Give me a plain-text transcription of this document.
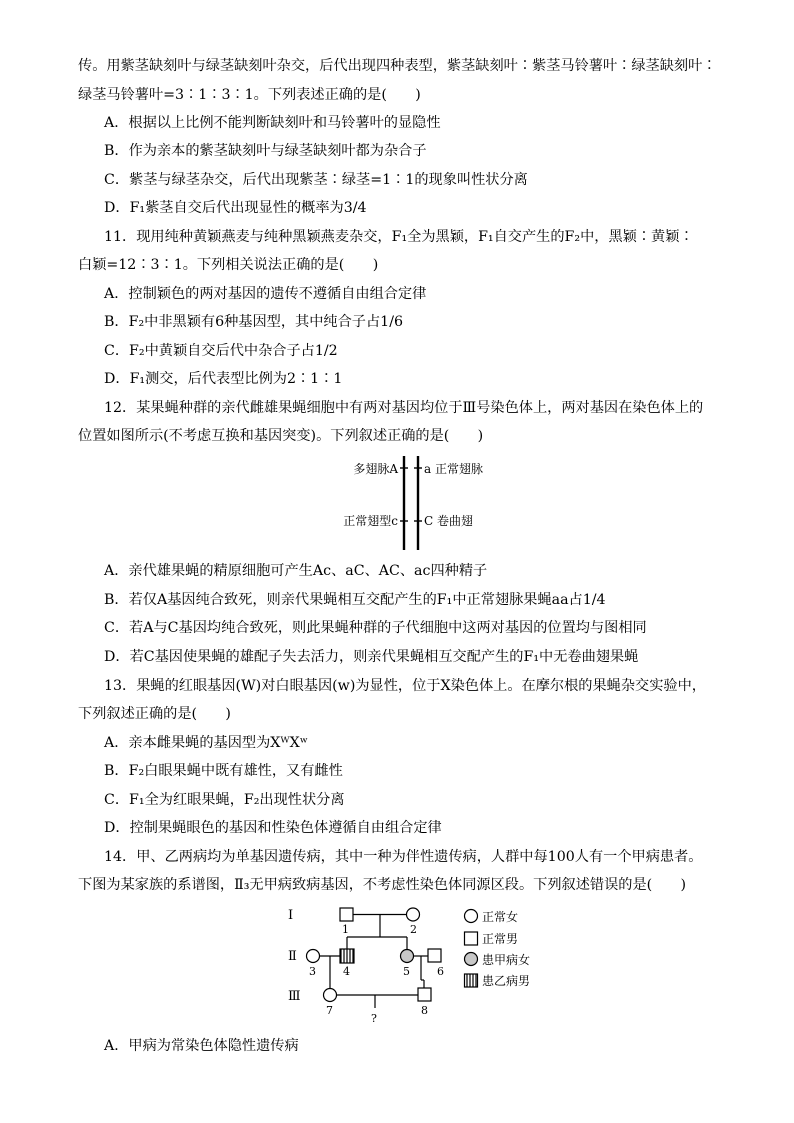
传。用紫茎缺刻叶与绿茎缺刻叶杂交，后代出现四种表型，紫茎缺刻叶∶紫茎马铃薯叶∶绿茎缺刻叶∶
绿茎马铃薯叶=3∶1∶3∶1。下列表述正确的是(　　)
A．根据以上比例不能判断缺刻叶和马铃薯叶的显隐性
B．作为亲本的紫茎缺刻叶与绿茎缺刻叶都为杂合子
C．紫茎与绿茎杂交，后代出现紫茎∶绿茎=1∶1的现象叫性状分离
D．F₁紫茎自交后代出现显性的概率为3/4
11．现用纯种黄颖燕麦与纯种黑颖燕麦杂交，F₁全为黑颖，F₁自交产生的F₂中，黑颖∶黄颖∶
白颖=12∶3∶1。下列相关说法正确的是(　　)
A．控制颖色的两对基因的遗传不遵循自由组合定律
B．F₂中非黑颖有6种基因型，其中纯合子占1/6
C．F₂中黄颖自交后代中杂合子占1/2
D．F₁测交，后代表型比例为2∶1∶1
12．某果蝇种群的亲代雌雄果蝇细胞中有两对基因均位于Ⅲ号染色体上，两对基因在染色体上的
位置如图所示(不考虑互换和基因突变)。下列叙述正确的是(　　)
多翅脉A a 正常翅脉
正常翅型c C 卷曲翅
A．亲代雄果蝇的精原细胞可产生Ac、aC、AC、ac四种精子
B．若仅A基因纯合致死，则亲代果蝇相互交配产生的F₁中正常翅脉果蝇aa占1/4
C．若A与C基因均纯合致死，则此果蝇种群的子代细胞中这两对基因的位置均与图相同
D．若C基因使果蝇的雄配子失去活力，则亲代果蝇相互交配产生的F₁中无卷曲翅果蝇
13．果蝇的红眼基因(W)对白眼基因(w)为显性，位于X染色体上。在摩尔根的果蝇杂交实验中，
下列叙述正确的是(　　)
A．亲本雌果蝇的基因型为XᵂXʷ
B．F₂白眼果蝇中既有雄性，又有雌性
C．F₁全为红眼果蝇，F₂出现性状分离
D．控制果蝇眼色的基因和性染色体遵循自由组合定律
14．甲、乙两病均为单基因遗传病，其中一种为伴性遗传病，人群中每100人有一个甲病患者。
下图为某家族的系谱图，Ⅱ₃无甲病致病基因，不考虑性染色体同源区段。下列叙述错误的是(　　)
Ⅰ
Ⅱ
Ⅲ
1	2
3 4	5 6
7	8
?
正常女
正常男
患甲病女
患乙病男
A．甲病为常染色体隐性遗传病
